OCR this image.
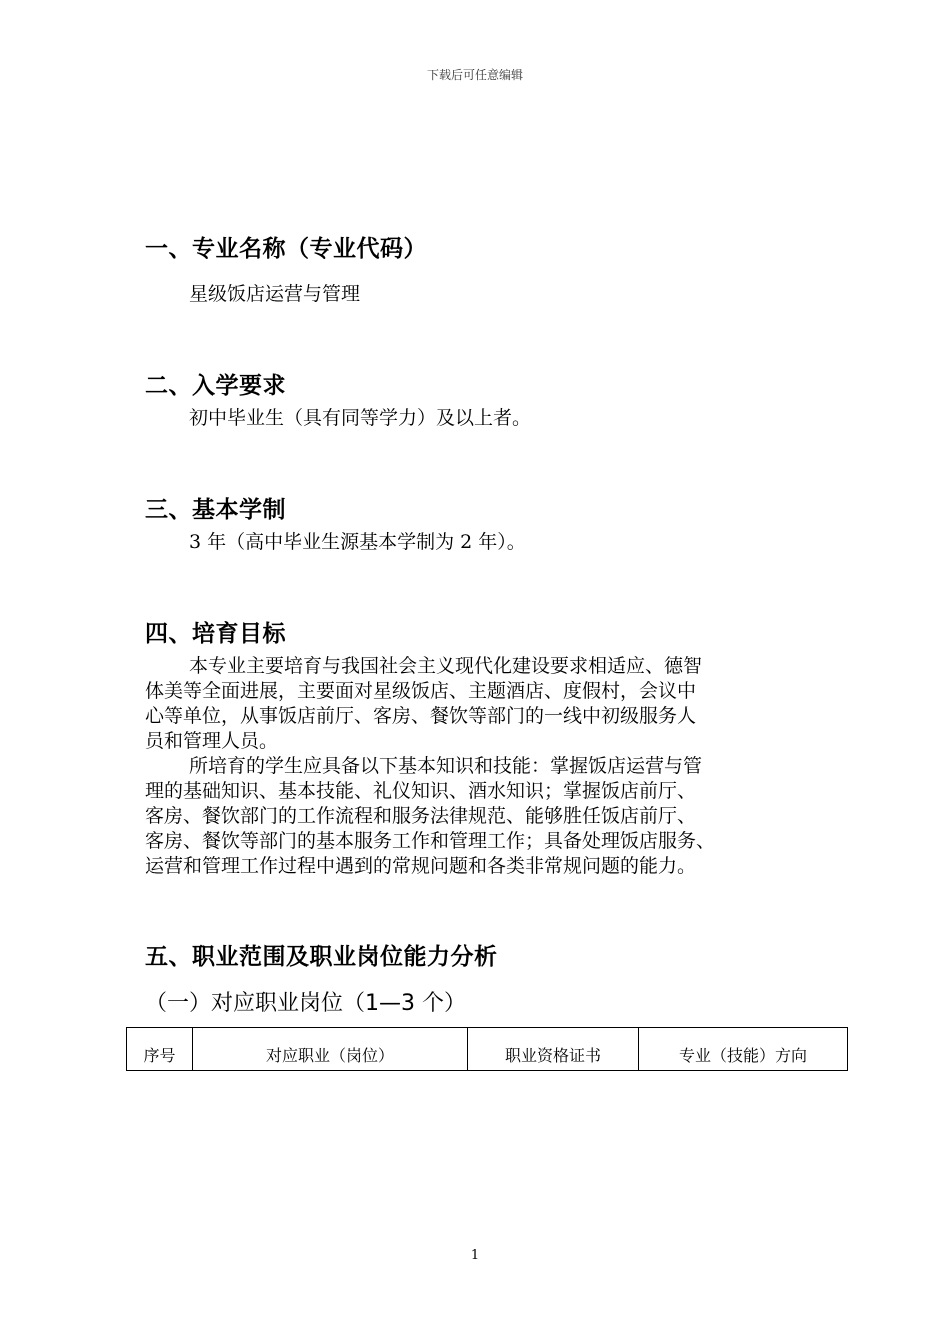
下载后可任意编辑
一、专业名称（专业代码）
星级饭店运营与管理
二、入学要求
初中毕业生（具有同等学力）及以上者。
三、基本学制
3 年（高中毕业生源基本学制为 2 年）。
四、培育目标
本专业主要培育与我国社会主义现代化建设要求相适应、德智
体美等全面进展，主要面对星级饭店、主题酒店、度假村，会议中
心等单位，从事饭店前厅、客房、餐饮等部门的一线中初级服务人
员和管理人员。
所培育的学生应具备以下基本知识和技能：掌握饭店运营与管
理的基础知识、基本技能、礼仪知识、酒水知识；掌握饭店前厅、
客房、餐饮部门的工作流程和服务法律规范、能够胜任饭店前厅、
客房、餐饮等部门的基本服务工作和管理工作；具备处理饭店服务、
运营和管理工作过程中遇到的常规问题和各类非常规问题的能力。
五、职业范围及职业岗位能力分析
（一）对应职业岗位（1—3 个）
序号	对应职业（岗位）	职业资格证书	专业（技能）方向
1
